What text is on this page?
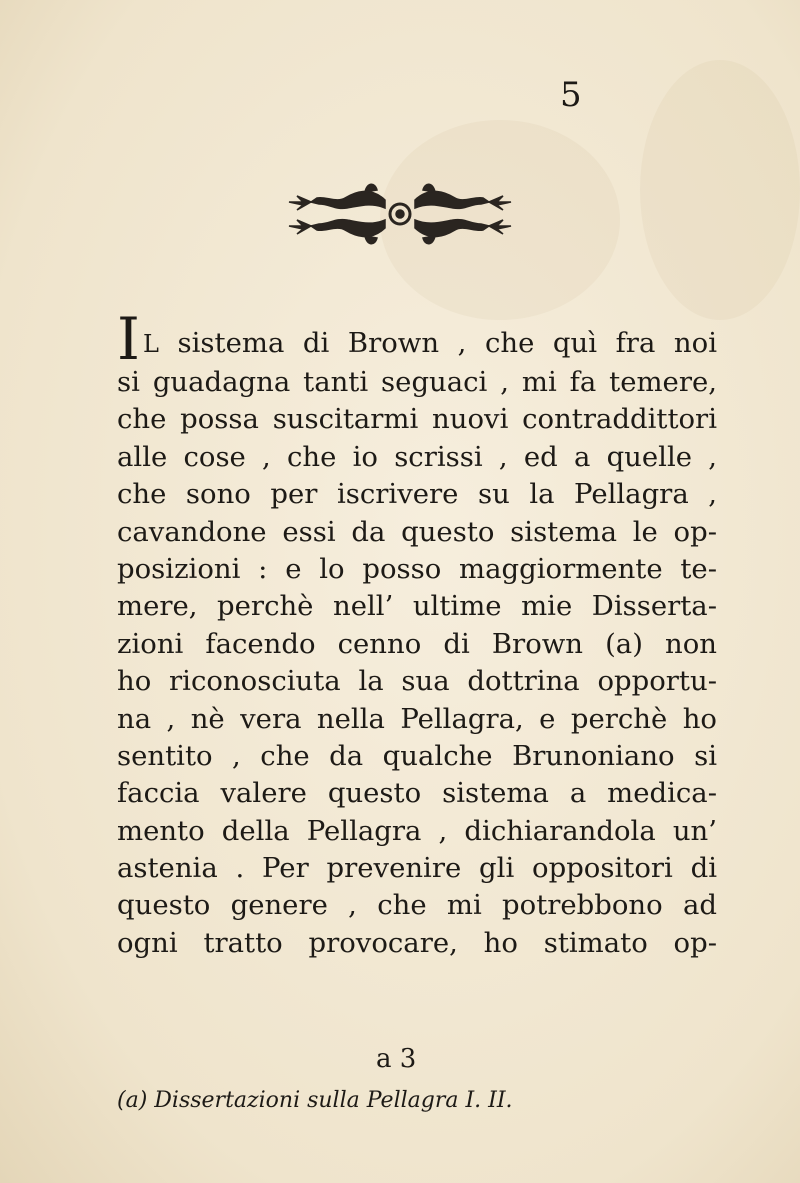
5
I L sistema di Brown , che quì fra noi
si guadagna tanti seguaci , mi fa temere,
che possa suscitarmi nuovi contraddittori
alle cose , che io scrissi , ed a quelle ,
che sono per iscrivere su la Pellagra ,
cavandone essi da questo sistema le op-
posizioni : e lo posso maggiormente te-
mere, perchè nell’ ultime mie Disserta-
zioni facendo cenno di Brown (a) non
ho riconosciuta la sua dottrina opportu-
na , nè vera nella Pellagra, e perchè ho
sentito , che da qualche Brunoniano si
faccia valere questo sistema a medica-
mento della Pellagra , dichiarandola un’
astenia . Per prevenire gli oppositori di
questo genere , che mi potrebbono ad
ogni tratto provocare, ho stimato op-
a 3
(a) Dissertazioni sulla Pellagra I. II.
